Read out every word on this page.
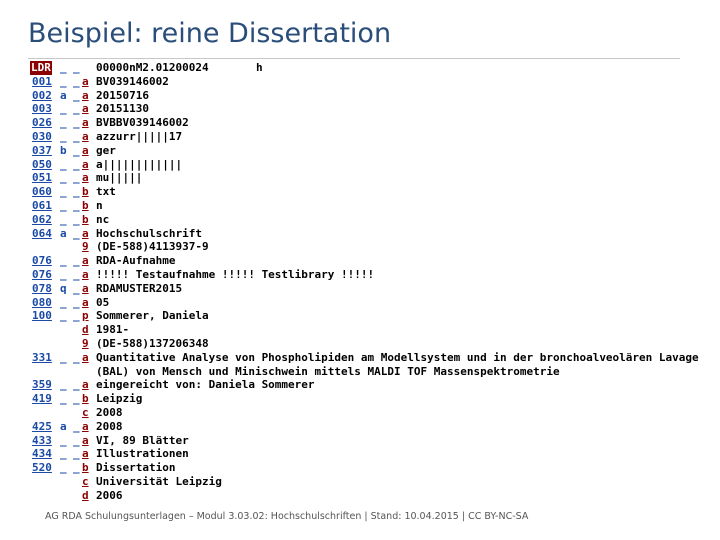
Beispiel: reine Dissertation
LDR _ _ 00000nM2.01200024	h
001 _ _ a BV039146002
002 a _ a 20150716
003 _ _ a 20151130
026 _ _ a BVBBV039146002
030 _ _ a azzurr|||||17
037 b _ a ger
050 _ _ a a||||||||||||
051 _ _ a mu|||||
060 _ _ b txt
061 _ _ b n
062 _ _ b nc
064 a _ a Hochschulschrift
9 (DE-588)4113937-9
076 _ _ a RDA-Aufnahme
076 _ _ a !!!!! Testaufnahme !!!!! Testlibrary !!!!!
078 q _ a RDAMUSTER2015
080 _ _ a 05
100 _ _ p Sommerer, Daniela
d 1981-
9 (DE-588)137206348
331 _ _ a Quantitative Analyse von Phospholipiden am Modellsystem und in der bronchoalveolären Lavage
(BAL) von Mensch und Minischwein mittels MALDI TOF Massenspektrometrie
359 _ _ a eingereicht von: Daniela Sommerer
419 _ _ b Leipzig
c 2008
425 a _ a 2008
433 _ _ a VI, 89 Blätter
434 _ _ a Illustrationen
520 _ _ b Dissertation
c Universität Leipzig
d 2006
AG RDA Schulungsunterlagen – Modul 3.03.02: Hochschulschriften | Stand: 10.04.2015 | CC BY-NC-SA
